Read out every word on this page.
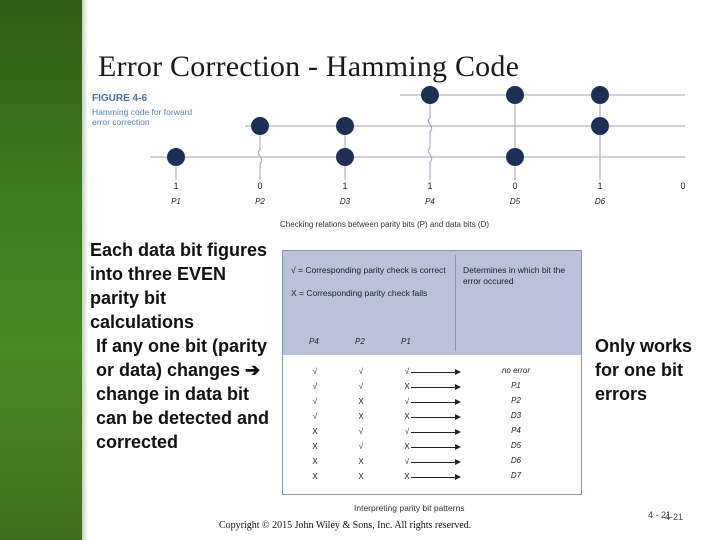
Error Correction - Hamming Code
FIGURE 4-6
Hamming code for forward error correction
1	0	1	1	0	1	0
P1	P2	D3	P4	D5	D6
Checking relations between parity bits (P) and data bits (D)
Each data bit figures into three EVEN parity bit calculations
If any one bit (parity or data) changes ➔ change in data bit can be detected and corrected
Only works for one bit errors
√ = Corresponding parity check is correct
X = Corresponding parity check fails
Determines in which bit the error occured
P4	P2	P1
√	√	√	no error
√	√	X	P1
√	X	√	P2
√	X	X	D3
X	√	√	P4
X	√	X	D5
X	X	√	D6
X	X	X	D7
Interpreting parity bit patterns
Copyright © 2015 John Wiley & Sons, Inc. All rights reserved.
4 - 21
4-21
